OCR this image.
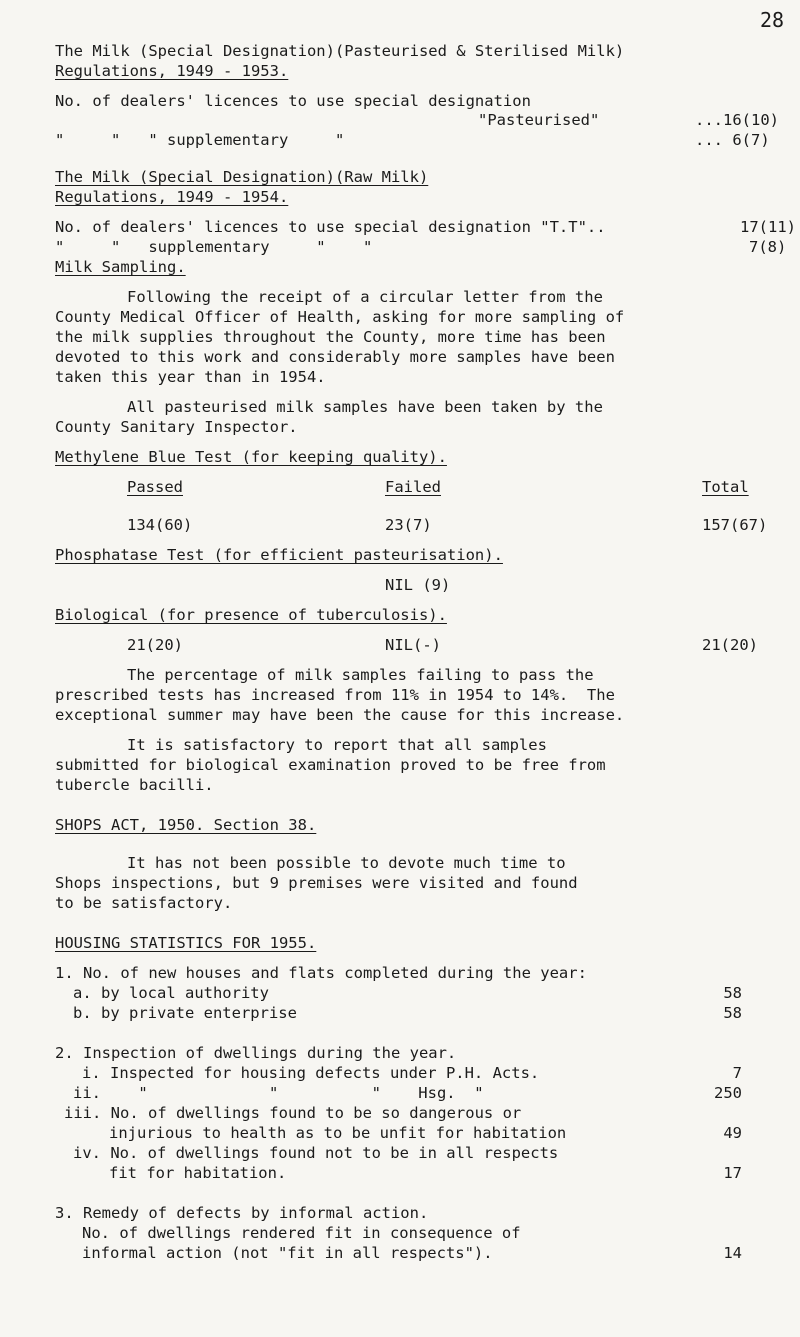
28
The Milk (Special Designation)(Pasteurised & Sterilised Milk)
Regulations, 1949 - 1953.
No. of dealers' licences to use special designation
"Pasteurised"	...16(10)
"     "   " supplementary     "	... 6(7)
The Milk (Special Designation)(Raw Milk)
Regulations, 1949 - 1954.
No. of dealers' licences to use special designation "T.T"..	17(11)
"     "   supplementary     "    "	7(8)
Milk Sampling.
Following the receipt of a circular letter from the
County Medical Officer of Health, asking for more sampling of
the milk supplies throughout the County, more time has been
devoted to this work and considerably more samples have been
taken this year than in 1954.
All pasteurised milk samples have been taken by the
County Sanitary Inspector.
Methylene Blue Test (for keeping quality).
Passed	Failed	Total
134(60)	23(7)	157(67)
Phosphatase Test (for efficient pasteurisation).
NIL (9)
Biological (for presence of tuberculosis).
21(20)	NIL(-)	21(20)
The percentage of milk samples failing to pass the
prescribed tests has increased from 11% in 1954 to 14%.  The
exceptional summer may have been the cause for this increase.
It is satisfactory to report that all samples
submitted for biological examination proved to be free from
tubercle bacilli.
SHOPS ACT, 1950. Section 38.
It has not been possible to devote much time to
Shops inspections, but 9 premises were visited and found
to be satisfactory.
HOUSING STATISTICS FOR 1955.
1. No. of new houses and flats completed during the year:
a. by local authority	58
b. by private enterprise	58
2. Inspection of dwellings during the year.
i. Inspected for housing defects under P.H. Acts.	7
ii.    "             "          "    Hsg.  "	250
iii. No. of dwellings found to be so dangerous or
injurious to health as to be unfit for habitation	49
iv. No. of dwellings found not to be in all respects
fit for habitation.	17
3. Remedy of defects by informal action.
No. of dwellings rendered fit in consequence of
informal action (not "fit in all respects").	14
